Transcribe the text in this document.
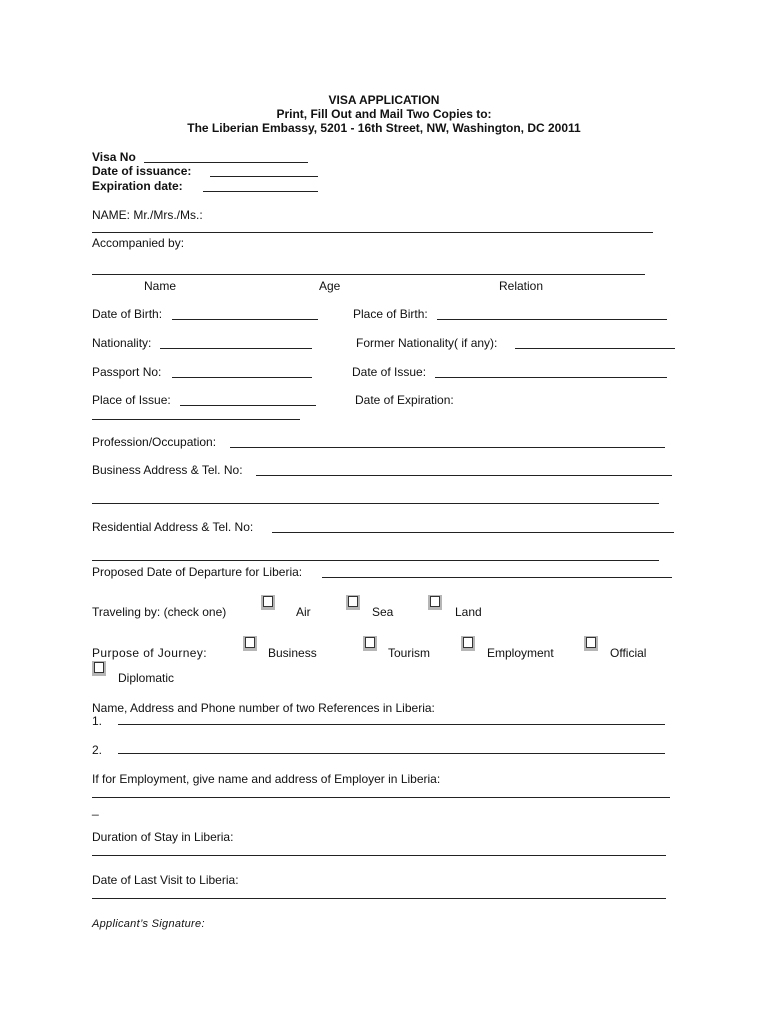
VISA APPLICATION
Print, Fill Out and Mail Two Copies to:
The Liberian Embassy, 5201 - 16th Street, NW, Washington, DC 20011
Visa No
Date of issuance:
Expiration date:
NAME: Mr./Mrs./Ms.:
Accompanied by:
Name	Age	Relation
Date of Birth:	Place of Birth:
Nationality:	Former Nationality( if any):
Passport No:	Date of Issue:
Place of Issue:	Date of Expiration:
Profession/Occupation:
Business Address & Tel. No:
Residential Address & Tel. No:
Proposed Date of Departure for Liberia:
Traveling by: (check one)	Air	Sea	Land
Purpose of Journey:	Business	Tourism	Employment	Official
Diplomatic
Name, Address and Phone number of two References in Liberia:
1.
2.
If for Employment, give name and address of Employer in Liberia:
_
Duration of Stay in Liberia:
Date of Last Visit to Liberia:
Applicant’s Signature:
